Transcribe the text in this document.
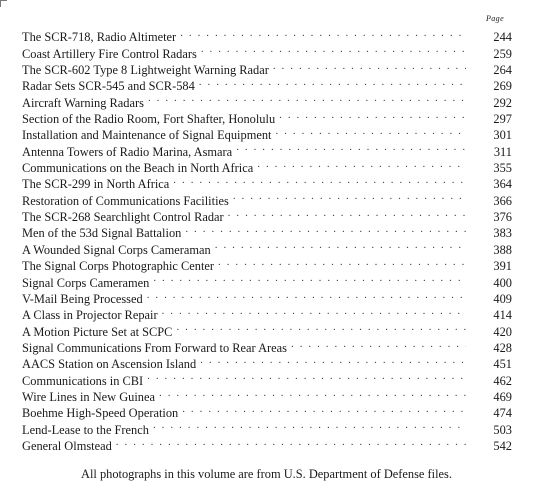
Page
The SCR-718, Radio Altimeter . . .	244
Coast Artillery Fire Control Radars . . .	259
The SCR-602 Type 8 Lightweight Warning Radar . . .	264
Radar Sets SCR-545 and SCR-584 . . .	269
Aircraft Warning Radars . . .	292
Section of the Radio Room, Fort Shafter, Honolulu . . .	297
Installation and Maintenance of Signal Equipment . . .	301
Antenna Towers of Radio Marina, Asmara . . .	311
Communications on the Beach in North Africa . . .	355
The SCR-299 in North Africa . . .	364
Restoration of Communications Facilities . . .	366
The SCR-268 Searchlight Control Radar . . .	376
Men of the 53d Signal Battalion . . .	383
A Wounded Signal Corps Cameraman . . .	388
The Signal Corps Photographic Center . . .	391
Signal Corps Cameramen . . .	400
V-Mail Being Processed . . .	409
A Class in Projector Repair . . .	414
A Motion Picture Set at SCPC . . .	420
Signal Communications From Forward to Rear Areas . . .	428
AACS Station on Ascension Island . . .	451
Communications in CBI . . .	462
Wire Lines in New Guinea . . .	469
Boehme High-Speed Operation . . .	474
Lend-Lease to the French . . .	503
General Olmstead . . .	542
All photographs in this volume are from U.S. Department of Defense files.
